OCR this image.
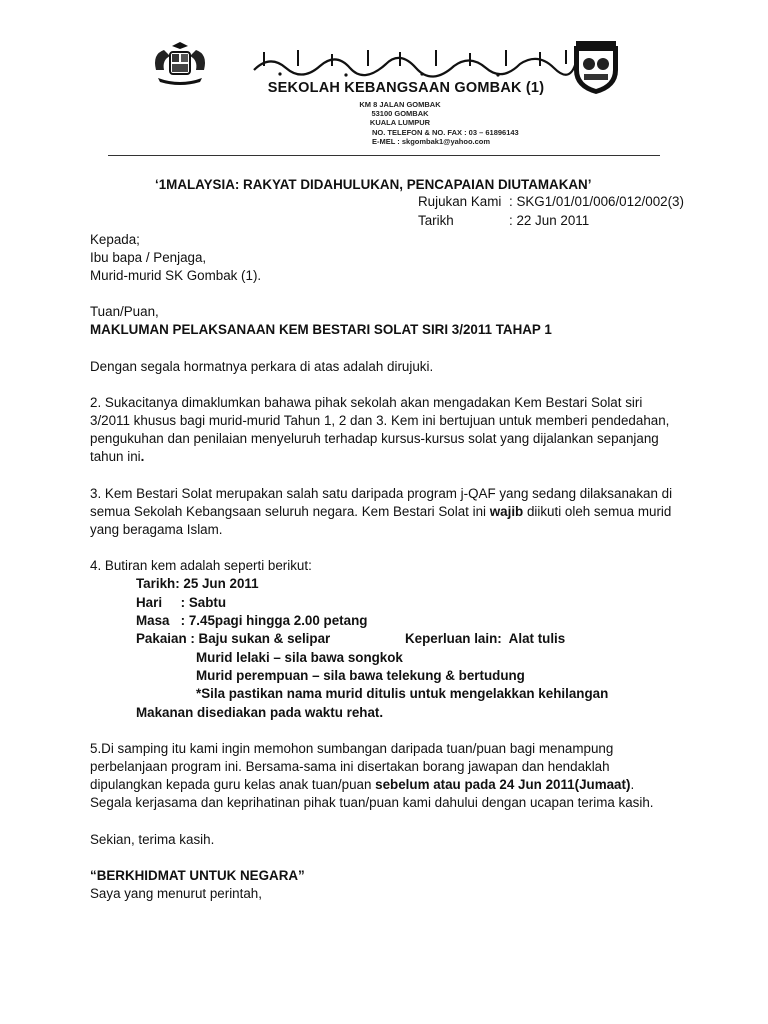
SEKOLAH KEBANGSAAN GOMBAK (1)
KM 8 JALAN GOMBAK
53100 GOMBAK
KUALA LUMPUR
NO. TELEFON & NO. FAX : 03 – 61896143
E-MEL : skgombak1@yahoo.com
‘1MALAYSIA: RAKYAT DIDAHULUKAN, PENCAPAIAN DIUTAMAKAN’
Rujukan Kami : SKG1/01/01/006/012/002(3)
Tarikh	: 22 Jun 2011
Kepada;
Ibu bapa / Penjaga,
Murid-murid SK Gombak (1).
Tuan/Puan,
MAKLUMAN PELAKSANAAN KEM BESTARI SOLAT SIRI 3/2011 TAHAP 1
Dengan segala hormatnya perkara di atas adalah dirujuki.
2. Sukacitanya dimaklumkan bahawa pihak sekolah akan mengadakan Kem Bestari Solat siri
3/2011 khusus bagi murid-murid Tahun 1, 2 dan 3. Kem ini bertujuan untuk memberi pendedahan,
pengukuhan dan penilaian menyeluruh terhadap kursus-kursus solat yang dijalankan sepanjang
tahun ini.
3. Kem Bestari Solat merupakan salah satu daripada program j-QAF yang sedang dilaksanakan di
semua Sekolah Kebangsaan seluruh negara. Kem Bestari Solat ini wajib diikuti oleh semua murid
yang beragama Islam.
4. Butiran kem adalah seperti berikut:
Tarikh: 25 Jun 2011
Hari     : Sabtu
Masa   : 7.45pagi hingga 2.00 petang
Pakaian : Baju sukan & selipar	Keperluan lain:  Alat tulis
Murid lelaki – sila bawa songkok
Murid perempuan – sila bawa telekung & bertudung
*Sila pastikan nama murid ditulis untuk mengelakkan kehilangan
Makanan disediakan pada waktu rehat.
5.Di samping itu kami ingin memohon sumbangan daripada tuan/puan bagi menampung
perbelanjaan program ini. Bersama-sama ini disertakan borang jawapan dan hendaklah
dipulangkan kepada guru kelas anak tuan/puan sebelum atau pada 24 Jun 2011(Jumaat).
Segala kerjasama dan keprihatinan pihak tuan/puan kami dahului dengan ucapan terima kasih.
Sekian, terima kasih.
“BERKHIDMAT UNTUK NEGARA”
Saya yang menurut perintah,
